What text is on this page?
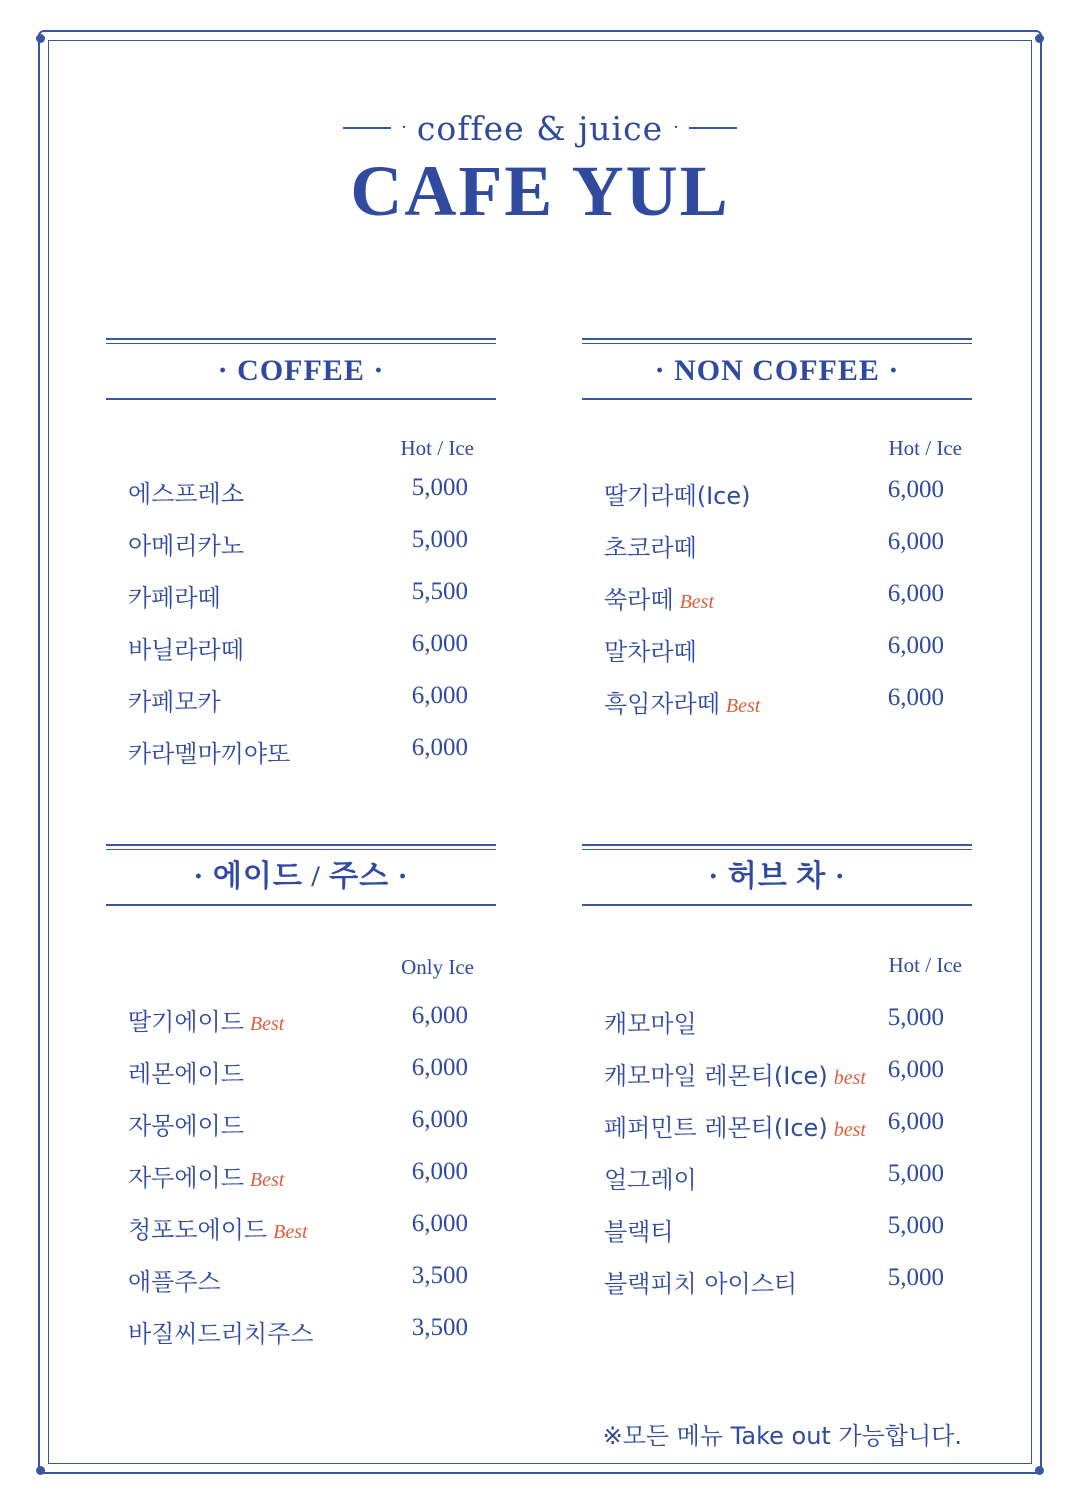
· coffee & juice ·
CAFE YUL
· COFFEE ·
Hot / Ice
· NON COFFEE ·
Hot / Ice
· 에이드 / 주스 ·
Only Ice
· 허브 차 ·
Hot / Ice
※모든 메뉴 Take out 가능합니다.
에스프레소	5,000
아메리카노	5,000
카페라떼	5,500
바닐라라떼	6,000
카페모카	6,000
카라멜마끼야또	6,000
딸기라떼(Ice)	6,000
초코라떼	6,000
쑥라떼 Best	6,000
말차라떼	6,000
흑임자라떼 Best	6,000
딸기에이드 Best	6,000
레몬에이드	6,000
자몽에이드	6,000
자두에이드 Best	6,000
청포도에이드 Best	6,000
애플주스	3,500
바질씨드리치주스	3,500
캐모마일	5,000
캐모마일 레몬티(Ice) best 6,000
페퍼민트 레몬티(Ice) best 6,000
얼그레이	5,000
블랙티	5,000
블랙피치 아이스티	5,000
